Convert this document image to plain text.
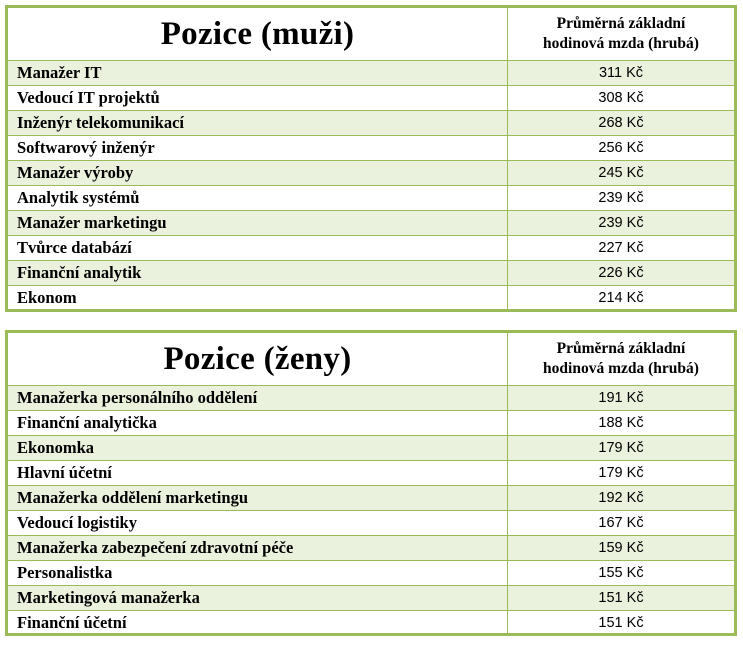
Pozice (muži)	Průměrná základní
hodinová mzda (hrubá)
Manažer IT	311 Kč
Vedoucí IT projektů	308 Kč
Inženýr telekomunikací	268 Kč
Softwarový inženýr	256 Kč
Manažer výroby	245 Kč
Analytik systémů	239 Kč
Manažer marketingu	239 Kč
Tvůrce databází	227 Kč
Finanční analytik	226 Kč
Ekonom	214 Kč
Pozice (ženy)	Průměrná základní
hodinová mzda (hrubá)
Manažerka personálního oddělení	191 Kč
Finanční analytička	188 Kč
Ekonomka	179 Kč
Hlavní účetní	179 Kč
Manažerka oddělení marketingu	192 Kč
Vedoucí logistiky	167 Kč
Manažerka zabezpečení zdravotní péče	159 Kč
Personalistka	155 Kč
Marketingová manažerka	151 Kč
Finanční účetní	151 Kč
